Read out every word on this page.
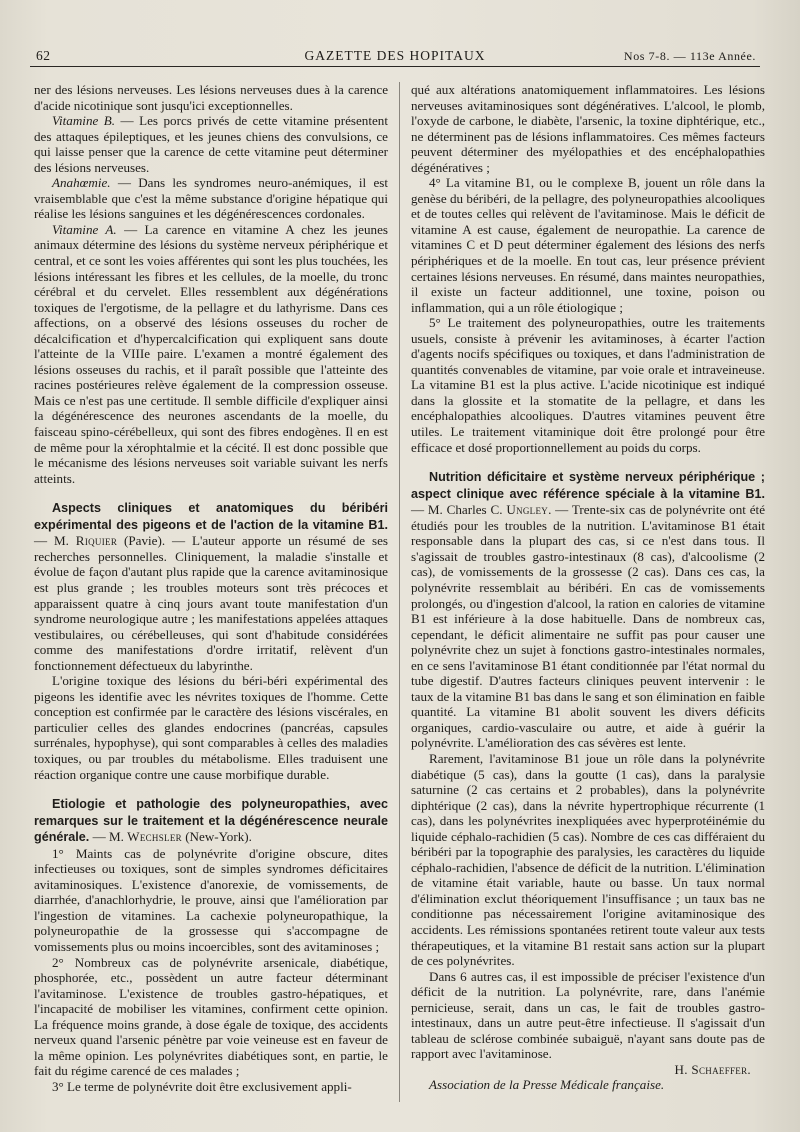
62	GAZETTE DES HOPITAUX	Nos 7-8. — 113e Année.

ner des lésions nerveuses. Les lésions nerveuses dues à la carence d'acide nicotinique sont jusqu'ici exceptionnelles.

Vitamine B. — Les porcs privés de cette vitamine présentent des attaques épileptiques, et les jeunes chiens des convulsions, ce qui laisse penser que la carence de cette vitamine peut déterminer des lésions nerveuses.

Anahœmie. — Dans les syndromes neuro-anémiques, il est vraisemblable que c'est la même substance d'origine hépatique qui réalise les lésions sanguines et les dégénérescences cordonales.

Vitamine A. — La carence en vitamine A chez les jeunes animaux détermine des lésions du système nerveux périphérique et central, et ce sont les voies afférentes qui sont les plus touchées, les lésions intéressant les fibres et les cellules, de la moelle, du tronc cérébral et du cervelet. Elles ressemblent aux dégénérations toxiques de l'ergotisme, de la pellagre et du lathyrisme. Dans ces affections, on a observé des lésions osseuses du rocher de décalcification et d'hypercalcification qui expliquent sans doute l'atteinte de la VIIIe paire. L'examen a montré également des lésions osseuses du rachis, et il paraît possible que l'atteinte des racines postérieures relève également de la compression osseuse. Mais ce n'est pas une certitude. Il semble difficile d'expliquer ainsi la dégénérescence des neurones ascendants de la moelle, du faisceau spino-cérébelleux, qui sont des fibres endogènes. Il en est de même pour la xérophtalmie et la cécité. Il est donc possible que le mécanisme des lésions nerveuses soit variable suivant les nerfs atteints.

Aspects cliniques et anatomiques du béribéri expérimental des pigeons et de l'action de la vitamine B1. — M. Riquier (Pavie). — L'auteur apporte un résumé de ses recherches personnelles. Cliniquement, la maladie s'installe et évolue de façon d'autant plus rapide que la carence avitaminosique est plus grande ; les troubles moteurs sont très précoces et apparaissent quatre à cinq jours avant toute manifestation d'un syndrome neurologique autre ; les manifestations appelées attaques vestibulaires, ou cérébelleuses, qui sont d'habitude considérées comme des manifestations d'ordre irritatif, relèvent d'un fonctionnement défectueux du labyrinthe.

L'origine toxique des lésions du béri-béri expérimental des pigeons les identifie avec les névrites toxiques de l'homme. Cette conception est confirmée par le caractère des lésions viscérales, en particulier celles des glandes endocrines (pancréas, capsules surrénales, hypophyse), qui sont comparables à celles des maladies toxiques, ou par troubles du métabolisme. Elles traduisent une réaction organique contre une cause morbifique durable.

Etiologie et pathologie des polyneuropathies, avec remarques sur le traitement et la dégénérescence neurale générale. — M. Wechsler (New-York).

1° Maints cas de polynévrite d'origine obscure, dites infectieuses ou toxiques, sont de simples syndromes déficitaires avitaminosiques. L'existence d'anorexie, de vomissements, de diarrhée, d'anachlorhydrie, le prouve, ainsi que l'amélioration par l'ingestion de vitamines. La cachexie polyneuropathique, la polyneuropathie de la grossesse qui s'accompagne de vomissements plus ou moins incoercibles, sont des avitaminoses ;

2° Nombreux cas de polynévrite arsenicale, diabétique, phosphorée, etc., possèdent un autre facteur déterminant l'avitaminose. L'existence de troubles gastro-hépatiques, et l'incapacité de mobiliser les vitamines, confirment cette opinion. La fréquence moins grande, à dose égale de toxique, des accidents nerveux quand l'arsenic pénètre par voie veineuse est en faveur de la même opinion. Les polynévrites diabétiques sont, en partie, le fait du régime carencé de ces malades ;

3° Le terme de polynévrite doit être exclusivement appli-

qué aux altérations anatomiquement inflammatoires. Les lésions nerveuses avitaminosiques sont dégénératives. L'alcool, le plomb, l'oxyde de carbone, le diabète, l'arsenic, la toxine diphtérique, etc., ne déterminent pas de lésions inflammatoires. Ces mêmes facteurs peuvent déterminer des myélopathies et des encéphalopathies dégénératives ;

4° La vitamine B1, ou le complexe B, jouent un rôle dans la genèse du béribéri, de la pellagre, des polyneuropathies alcooliques et de toutes celles qui relèvent de l'avitaminose. Mais le déficit de vitamine A est cause, également de neuropathie. La carence de vitamines C et D peut déterminer également des lésions des nerfs périphériques et de la moelle. En tout cas, leur présence prévient certaines lésions nerveuses. En résumé, dans maintes neuropathies, il existe un facteur additionnel, une toxine, poison ou inflammation, qui a un rôle étiologique ;

5° Le traitement des polyneuropathies, outre les traitements usuels, consiste à prévenir les avitaminoses, à écarter l'action d'agents nocifs spécifiques ou toxiques, et dans l'administration de quantités convenables de vitamine, par voie orale et intraveineuse. La vitamine B1 est la plus active. L'acide nicotinique est indiqué dans la glossite et la stomatite de la pellagre, et dans les encéphalopathies alcooliques. D'autres vitamines peuvent être utiles. Le traitement vitaminique doit être prolongé pour être efficace et dosé proportionnellement au poids du corps.

Nutrition déficitaire et système nerveux périphérique ; aspect clinique avec référence spéciale à la vitamine B1. — M. Charles C. Ungley. — Trente-six cas de polynévrite ont été étudiés pour les troubles de la nutrition. L'avitaminose B1 était responsable dans la plupart des cas, si ce n'est dans tous. Il s'agissait de troubles gastro-intestinaux (8 cas), d'alcoolisme (2 cas), de vomissements de la grossesse (2 cas). Dans ces cas, la polynévrite ressemblait au béribéri. En cas de vomissements prolongés, ou d'ingestion d'alcool, la ration en calories de vitamine B1 est inférieure à la dose habituelle. Dans de nombreux cas, cependant, le déficit alimentaire ne suffit pas pour causer une polynévrite chez un sujet à fonctions gastro-intestinales normales, en ce sens l'avitaminose B1 étant conditionnée par l'état normal du tube digestif. D'autres facteurs cliniques peuvent intervenir : le taux de la vitamine B1 bas dans le sang et son élimination en faible quantité. La vitamine B1 abolit souvent les divers déficits organiques, cardio-vasculaire ou autre, et aide à guérir la polynévrite. L'amélioration des cas sévères est lente.

Rarement, l'avitaminose B1 joue un rôle dans la polynévrite diabétique (5 cas), dans la goutte (1 cas), dans la paralysie saturnine (2 cas certains et 2 probables), dans la polynévrite diphtérique (2 cas), dans la névrite hypertrophique récurrente (1 cas), dans les polynévrites inexpliquées avec hyperprotéinémie du liquide céphalo-rachidien (5 cas). Nombre de ces cas différaient du béribéri par la topographie des paralysies, les caractères du liquide céphalo-rachidien, l'absence de déficit de la nutrition. L'élimination de vitamine était variable, haute ou basse. Un taux normal d'élimination exclut théoriquement l'insuffisance ; un taux bas ne conditionne pas nécessairement l'origine avitaminosique des accidents. Les rémissions spontanées retirent toute valeur aux tests thérapeutiques, et la vitamine B1 restait sans action sur la plupart de ces polynévrites.

Dans 6 autres cas, il est impossible de préciser l'existence d'un déficit de la nutrition. La polynévrite, rare, dans l'anémie pernicieuse, serait, dans un cas, le fait de troubles gastro-intestinaux, dans un autre peut-être infectieuse. Il s'agissait d'un tableau de sclérose combinée subaiguë, n'ayant sans doute pas de rapport avec l'avitaminose.

H. Schaeffer.

Association de la Presse Médicale française.
